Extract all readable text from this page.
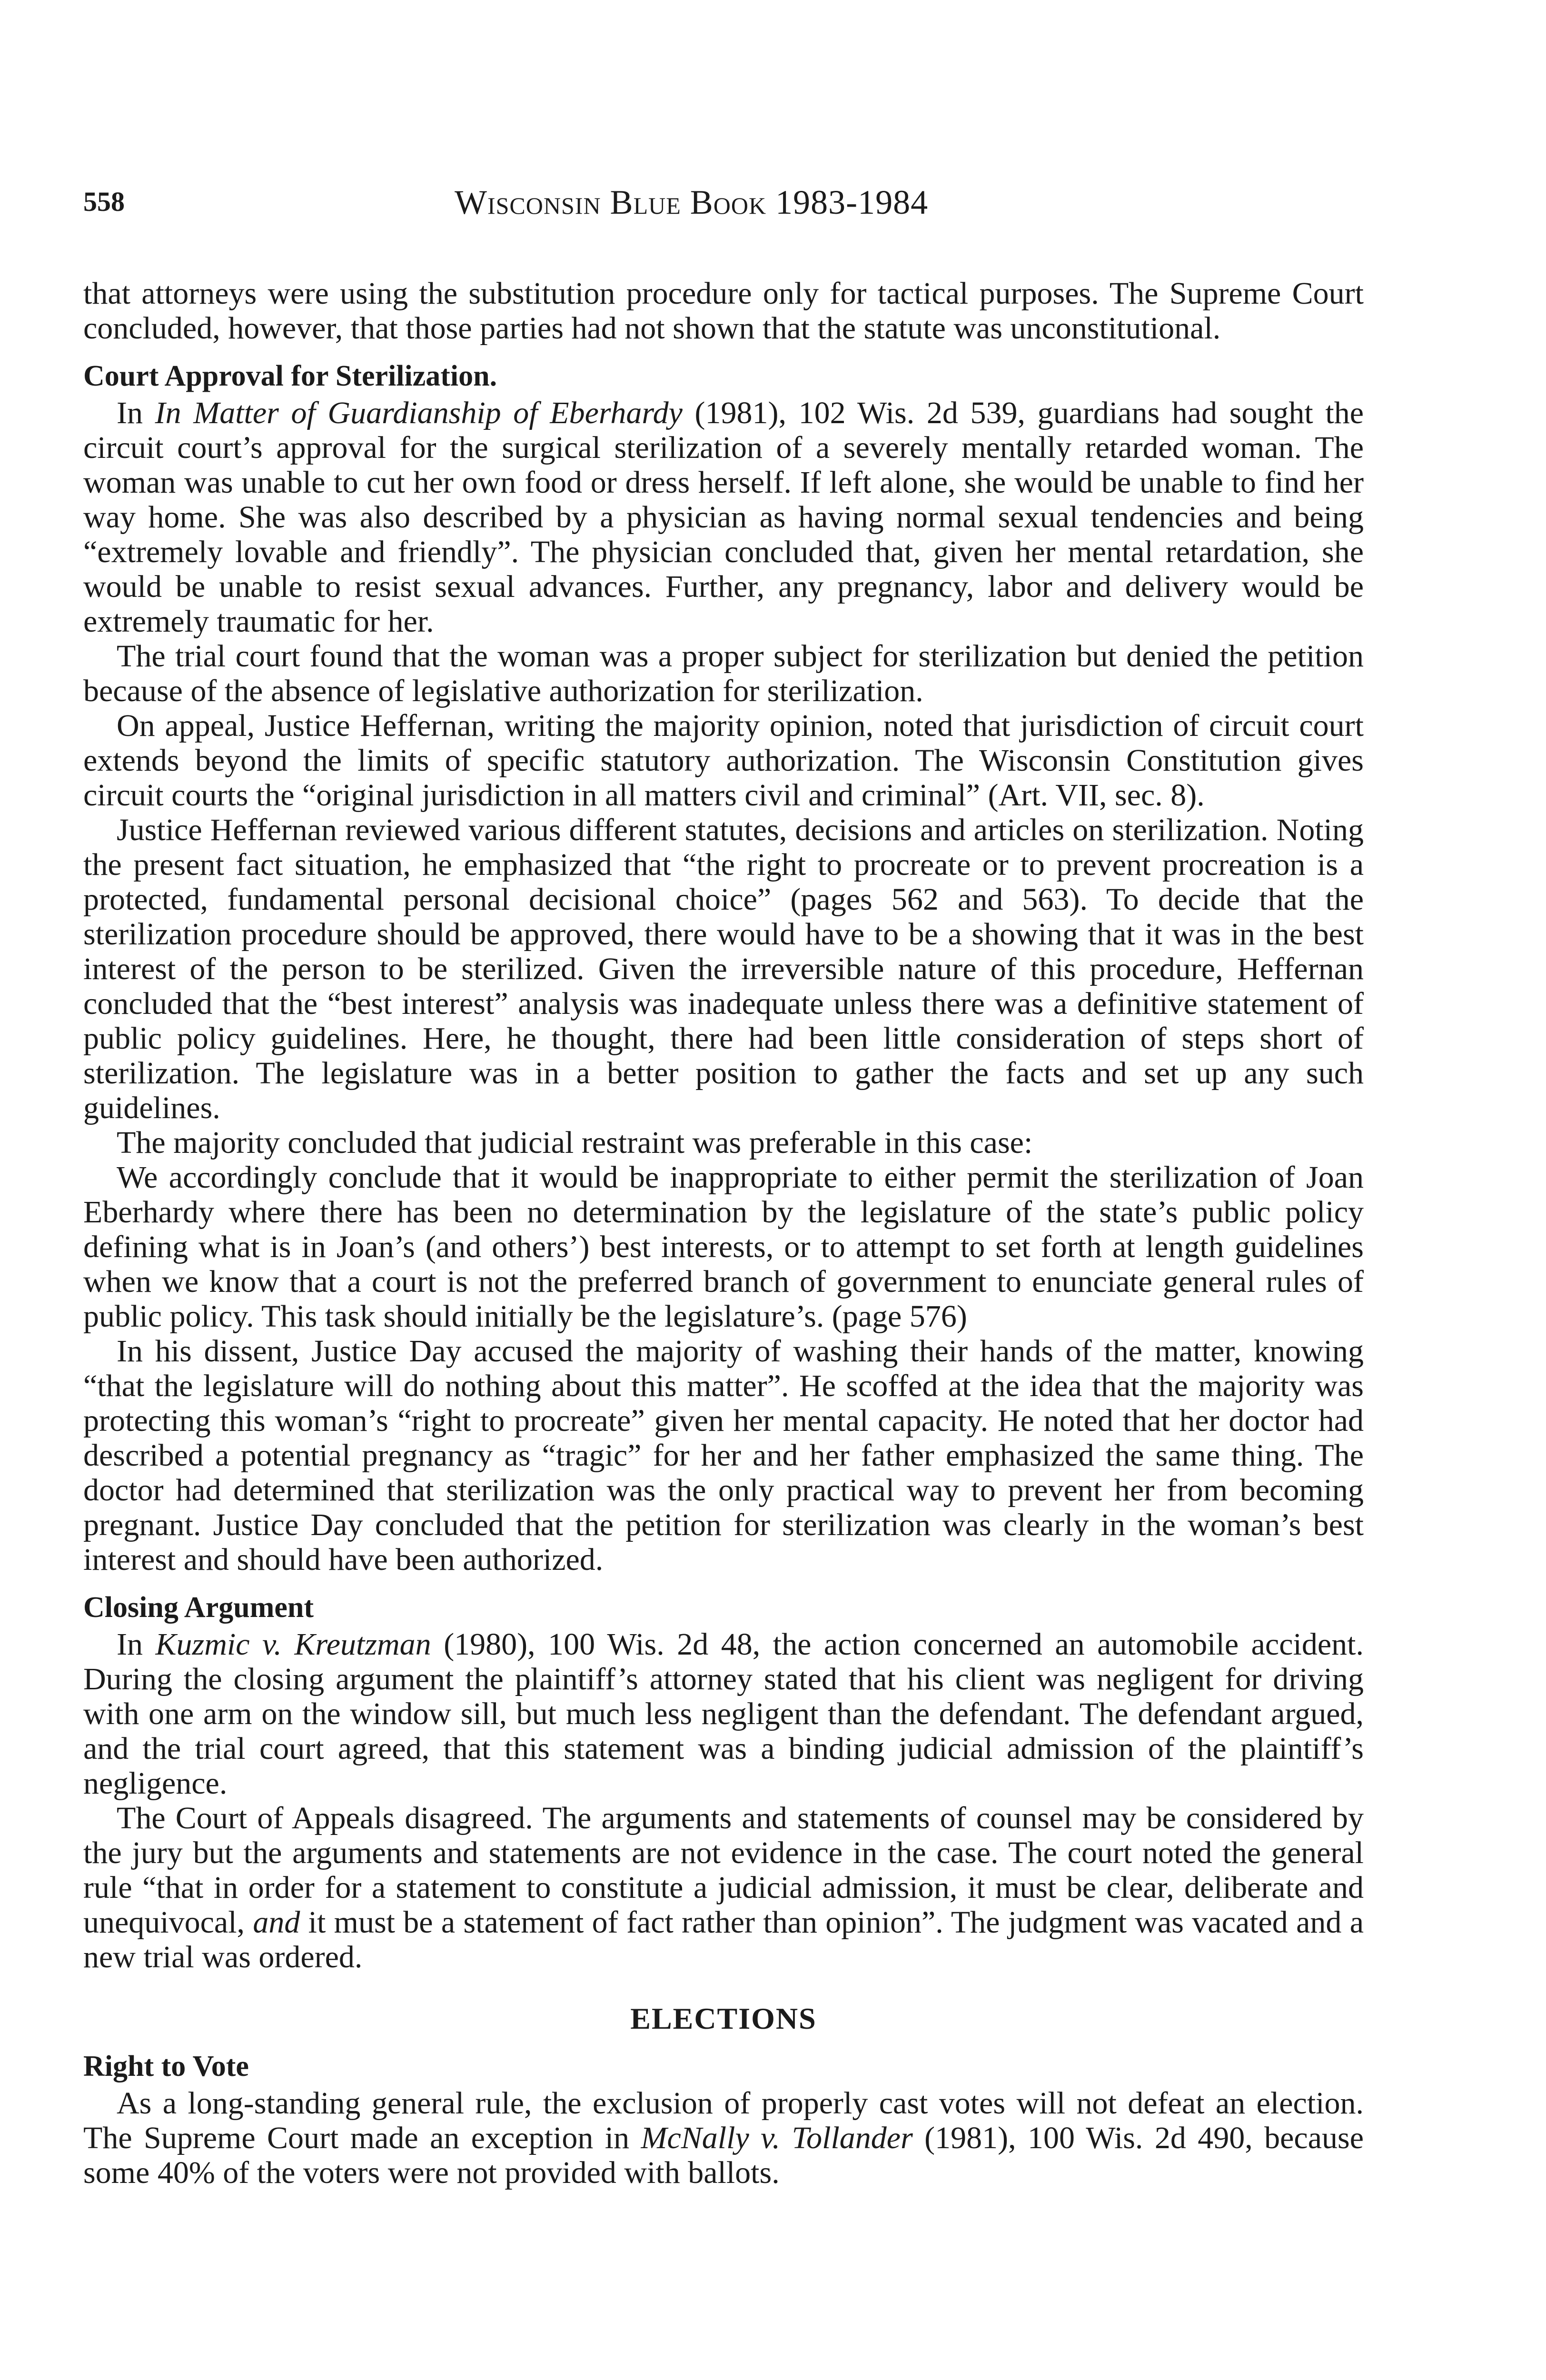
558	Wisconsin Blue Book 1983-1984

that attorneys were using the substitution procedure only for tactical purposes. The Supreme Court concluded, however, that those parties had not shown that the statute was unconstitutional.

Court Approval for Sterilization.

In In Matter of Guardianship of Eberhardy (1981), 102 Wis. 2d 539, guardians had sought the circuit court’s approval for the surgical sterilization of a severely mentally retarded woman. The woman was unable to cut her own food or dress herself. If left alone, she would be unable to find her way home. She was also described by a physician as having normal sexual tendencies and being “extremely lovable and friendly”. The physician concluded that, given her mental retardation, she would be unable to resist sexual advances. Further, any pregnancy, labor and delivery would be extremely traumatic for her.

The trial court found that the woman was a proper subject for sterilization but denied the petition because of the absence of legislative authorization for sterilization.

On appeal, Justice Heffernan, writing the majority opinion, noted that jurisdiction of circuit court extends beyond the limits of specific statutory authorization. The Wisconsin Constitution gives circuit courts the “original jurisdiction in all matters civil and criminal” (Art. VII, sec. 8).

Justice Heffernan reviewed various different statutes, decisions and articles on sterilization. Noting the present fact situation, he emphasized that “the right to procreate or to prevent procreation is a protected, fundamental personal decisional choice” (pages 562 and 563). To decide that the sterilization procedure should be approved, there would have to be a showing that it was in the best interest of the person to be sterilized. Given the irreversible nature of this procedure, Heffernan concluded that the “best interest” analysis was inadequate unless there was a definitive statement of public policy guidelines. Here, he thought, there had been little consideration of steps short of sterilization. The legislature was in a better position to gather the facts and set up any such guidelines.

The majority concluded that judicial restraint was preferable in this case:

We accordingly conclude that it would be inappropriate to either permit the sterilization of Joan Eberhardy where there has been no determination by the legislature of the state’s public policy defining what is in Joan’s (and others’) best interests, or to attempt to set forth at length guidelines when we know that a court is not the preferred branch of government to enunciate general rules of public policy. This task should initially be the legislature’s. (page 576)

In his dissent, Justice Day accused the majority of washing their hands of the matter, knowing “that the legislature will do nothing about this matter”. He scoffed at the idea that the majority was protecting this woman’s “right to procreate” given her mental capacity. He noted that her doctor had described a potential pregnancy as “tragic” for her and her father emphasized the same thing. The doctor had determined that sterilization was the only practical way to prevent her from becoming pregnant. Justice Day concluded that the petition for sterilization was clearly in the woman’s best interest and should have been authorized.

Closing Argument

In Kuzmic v. Kreutzman (1980), 100 Wis. 2d 48, the action concerned an automobile accident. During the closing argument the plaintiff’s attorney stated that his client was negligent for driving with one arm on the window sill, but much less negligent than the defendant. The defendant argued, and the trial court agreed, that this statement was a binding judicial admission of the plaintiff’s negligence.

The Court of Appeals disagreed. The arguments and statements of counsel may be considered by the jury but the arguments and statements are not evidence in the case. The court noted the general rule “that in order for a statement to constitute a judicial admission, it must be clear, deliberate and unequivocal, and it must be a statement of fact rather than opinion”. The judgment was vacated and a new trial was ordered.

ELECTIONS
Right to Vote

As a long-standing general rule, the exclusion of properly cast votes will not defeat an election. The Supreme Court made an exception in McNally v. Tollander (1981), 100 Wis. 2d 490, because some 40% of the voters were not provided with ballots.
